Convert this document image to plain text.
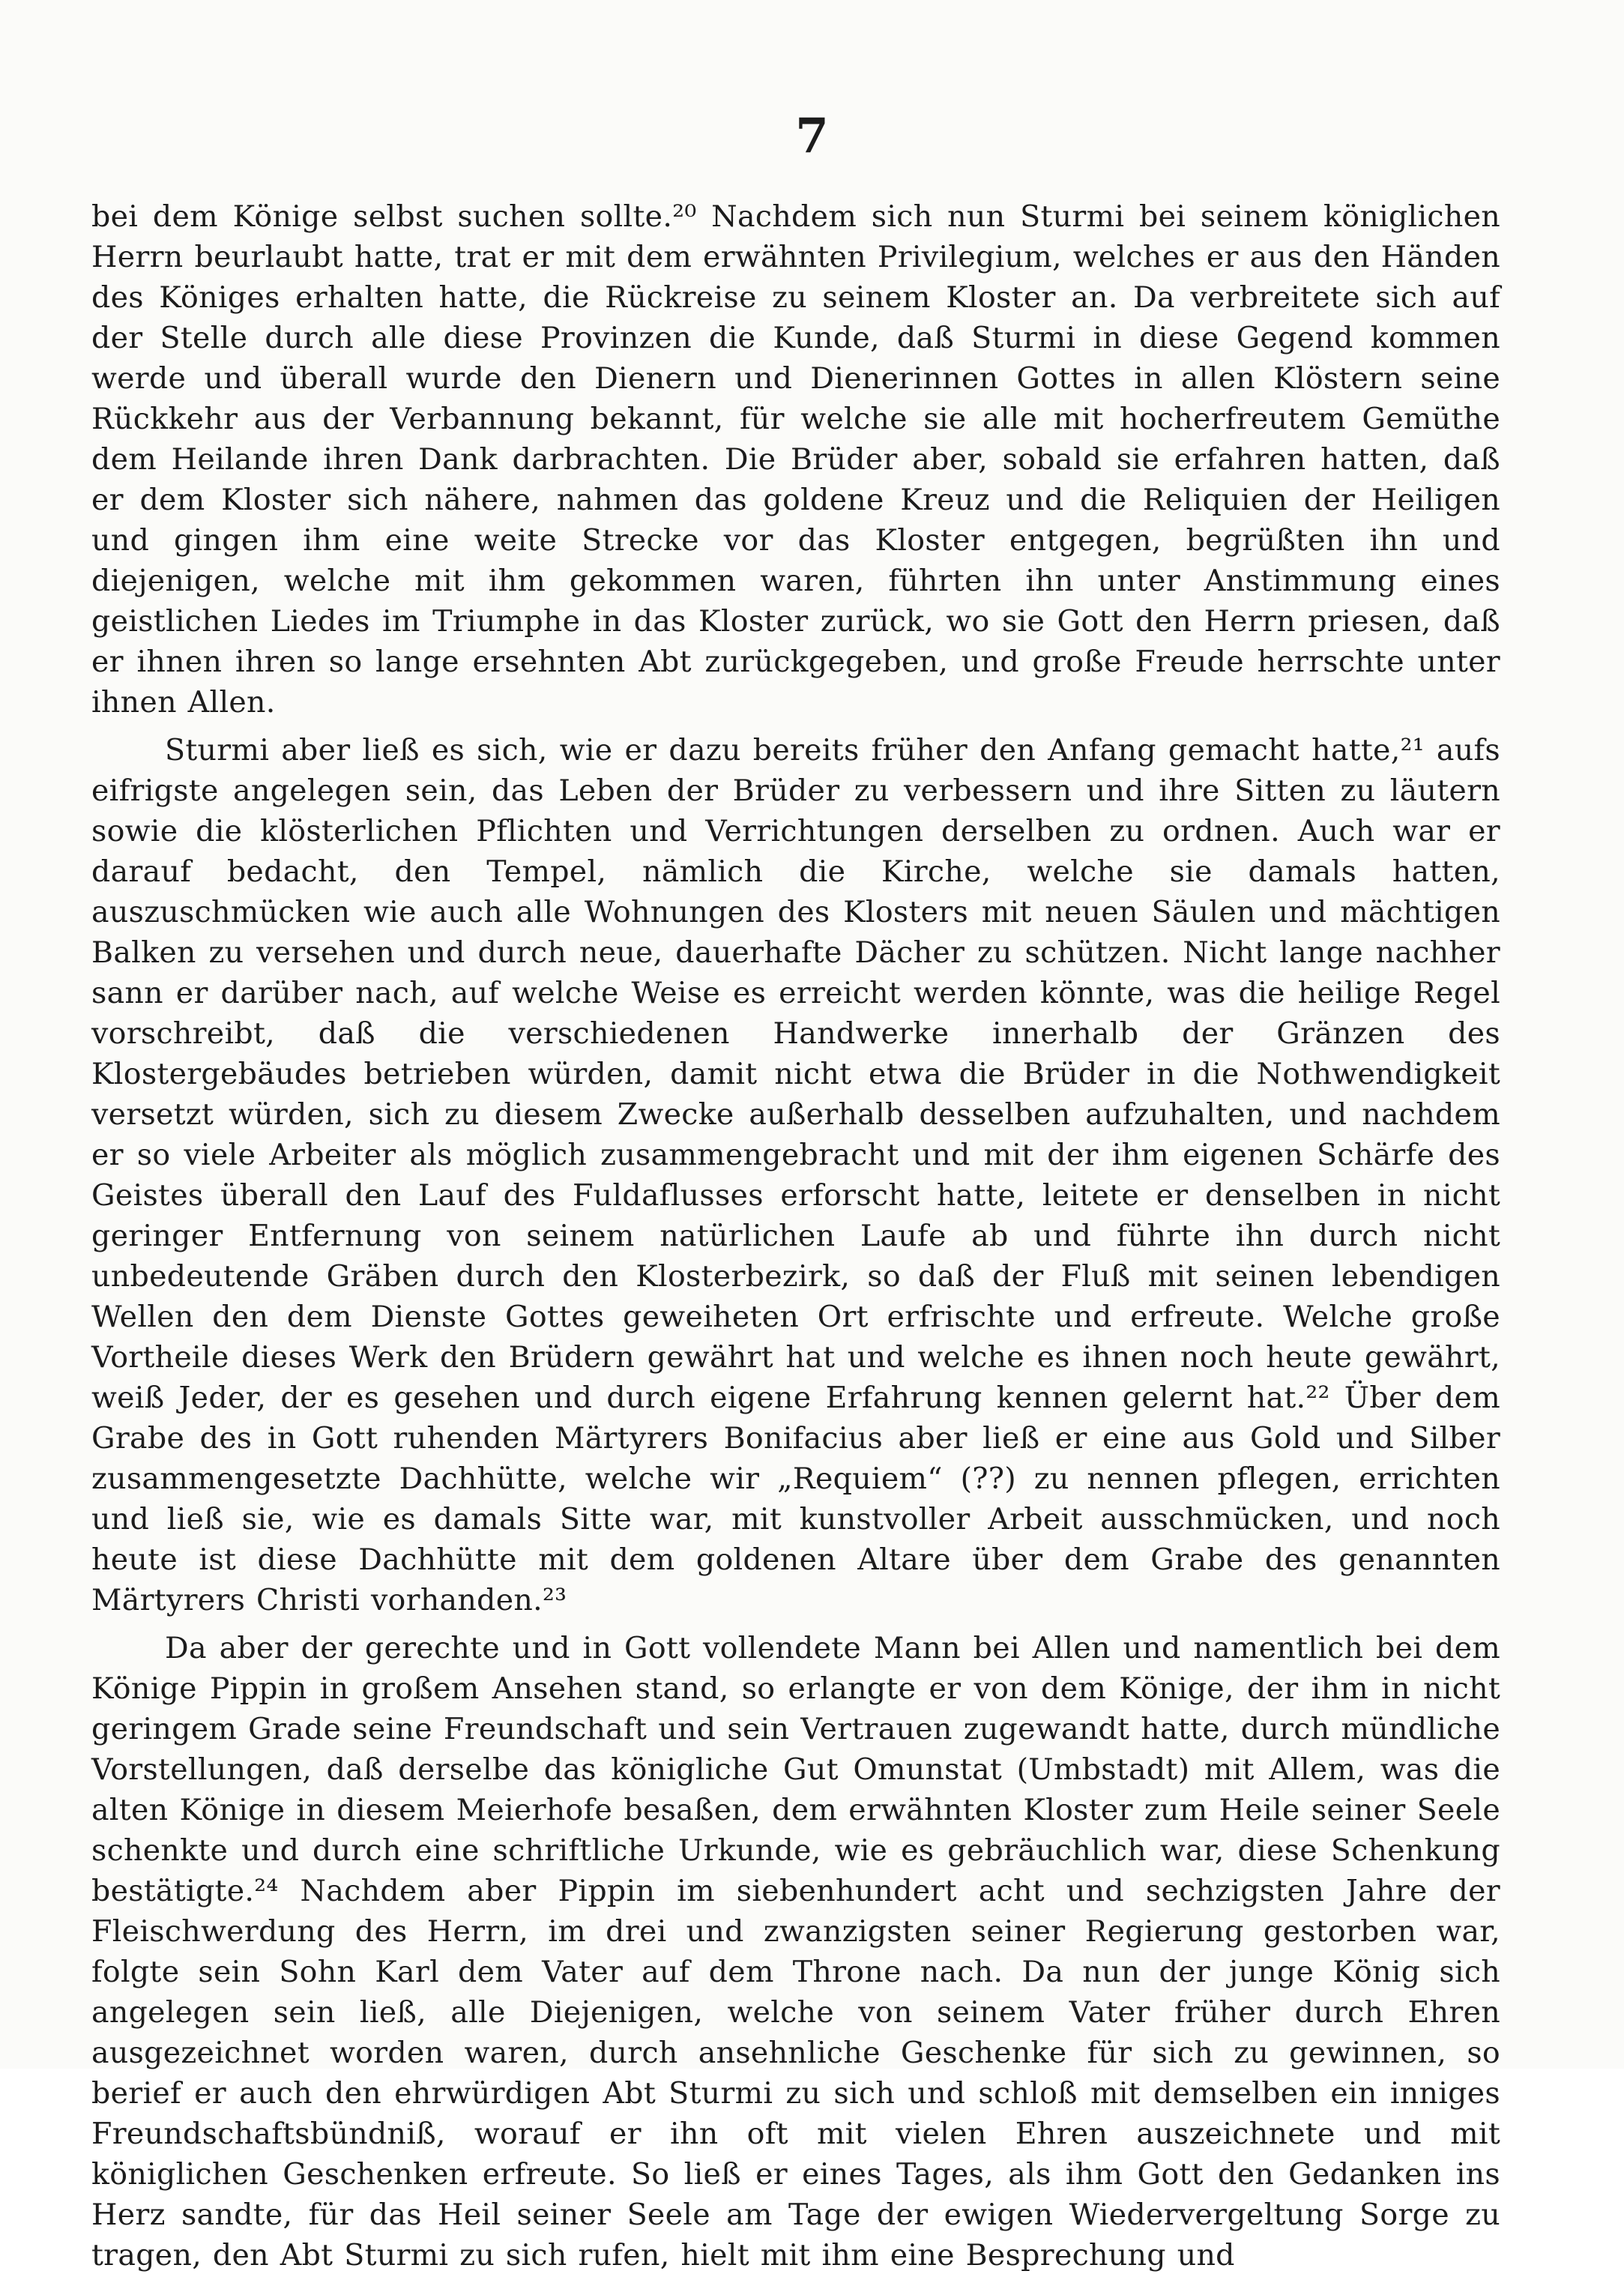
7

bei dem Könige selbst suchen sollte.²⁰ Nachdem sich nun Sturmi bei seinem königlichen Herrn beurlaubt hatte, trat er mit dem erwähnten Privilegium, welches er aus den Händen des Königes erhalten hatte, die Rückreise zu seinem Kloster an. Da verbreitete sich auf der Stelle durch alle diese Provinzen die Kunde, daß Sturmi in diese Gegend kommen werde und überall wurde den Dienern und Dienerinnen Gottes in allen Klöstern seine Rückkehr aus der Verbannung bekannt, für welche sie alle mit hocherfreutem Gemüthe dem Heilande ihren Dank darbrachten. Die Brüder aber, sobald sie erfahren hatten, daß er dem Kloster sich nähere, nahmen das goldene Kreuz und die Reliquien der Heiligen und gingen ihm eine weite Strecke vor das Kloster entgegen, begrüßten ihn und diejenigen, welche mit ihm gekommen waren, führten ihn unter Anstimmung eines geistlichen Liedes im Triumphe in das Kloster zurück, wo sie Gott den Herrn priesen, daß er ihnen ihren so lange ersehnten Abt zurückgegeben, und große Freude herrschte unter ihnen Allen.

Sturmi aber ließ es sich, wie er dazu bereits früher den Anfang gemacht hatte,²¹ aufs eifrigste angelegen sein, das Leben der Brüder zu verbessern und ihre Sitten zu läutern sowie die klösterlichen Pflichten und Verrichtungen derselben zu ordnen. Auch war er darauf bedacht, den Tempel, nämlich die Kirche, welche sie damals hatten, auszuschmücken wie auch alle Wohnungen des Klosters mit neuen Säulen und mächtigen Balken zu versehen und durch neue, dauerhafte Dächer zu schützen. Nicht lange nachher sann er darüber nach, auf welche Weise es erreicht werden könnte, was die heilige Regel vorschreibt, daß die verschiedenen Handwerke innerhalb der Gränzen des Klostergebäudes betrieben würden, damit nicht etwa die Brüder in die Nothwendigkeit versetzt würden, sich zu diesem Zwecke außerhalb desselben aufzuhalten, und nachdem er so viele Arbeiter als möglich zusammengebracht und mit der ihm eigenen Schärfe des Geistes überall den Lauf des Fuldaflusses erforscht hatte, leitete er denselben in nicht geringer Entfernung von seinem natürlichen Laufe ab und führte ihn durch nicht unbedeutende Gräben durch den Klosterbezirk, so daß der Fluß mit seinen lebendigen Wellen den dem Dienste Gottes geweiheten Ort erfrischte und erfreute. Welche große Vortheile dieses Werk den Brüdern gewährt hat und welche es ihnen noch heute gewährt, weiß Jeder, der es gesehen und durch eigene Erfahrung kennen gelernt hat.²² Über dem Grabe des in Gott ruhenden Märtyrers Bonifacius aber ließ er eine aus Gold und Silber zusammengesetzte Dachhütte, welche wir „Requiem“ (??) zu nennen pflegen, errichten und ließ sie, wie es damals Sitte war, mit kunstvoller Arbeit ausschmücken, und noch heute ist diese Dachhütte mit dem goldenen Altare über dem Grabe des genannten Märtyrers Christi vorhanden.²³

Da aber der gerechte und in Gott vollendete Mann bei Allen und namentlich bei dem Könige Pippin in großem Ansehen stand, so erlangte er von dem Könige, der ihm in nicht geringem Grade seine Freundschaft und sein Vertrauen zugewandt hatte, durch mündliche Vorstellungen, daß derselbe das königliche Gut Omunstat (Umbstadt) mit Allem, was die alten Könige in diesem Meierhofe besaßen, dem erwähnten Kloster zum Heile seiner Seele schenkte und durch eine schriftliche Urkunde, wie es gebräuchlich war, diese Schenkung bestätigte.²⁴ Nachdem aber Pippin im siebenhundert acht und sechzigsten Jahre der Fleischwerdung des Herrn, im drei und zwanzigsten seiner Regierung gestorben war, folgte sein Sohn Karl dem Vater auf dem Throne nach. Da nun der junge König sich angelegen sein ließ, alle Diejenigen, welche von seinem Vater früher durch Ehren ausgezeichnet worden waren, durch ansehnliche Geschenke für sich zu gewinnen, so berief er auch den ehrwürdigen Abt Sturmi zu sich und schloß mit demselben ein inniges Freundschaftsbündniß, worauf er ihn oft mit vielen Ehren auszeichnete und mit königlichen Geschenken erfreute. So ließ er eines Tages, als ihm Gott den Gedanken ins Herz sandte, für das Heil seiner Seele am Tage der ewigen Wiedervergeltung Sorge zu tragen, den Abt Sturmi zu sich rufen, hielt mit ihm eine Besprechung und
